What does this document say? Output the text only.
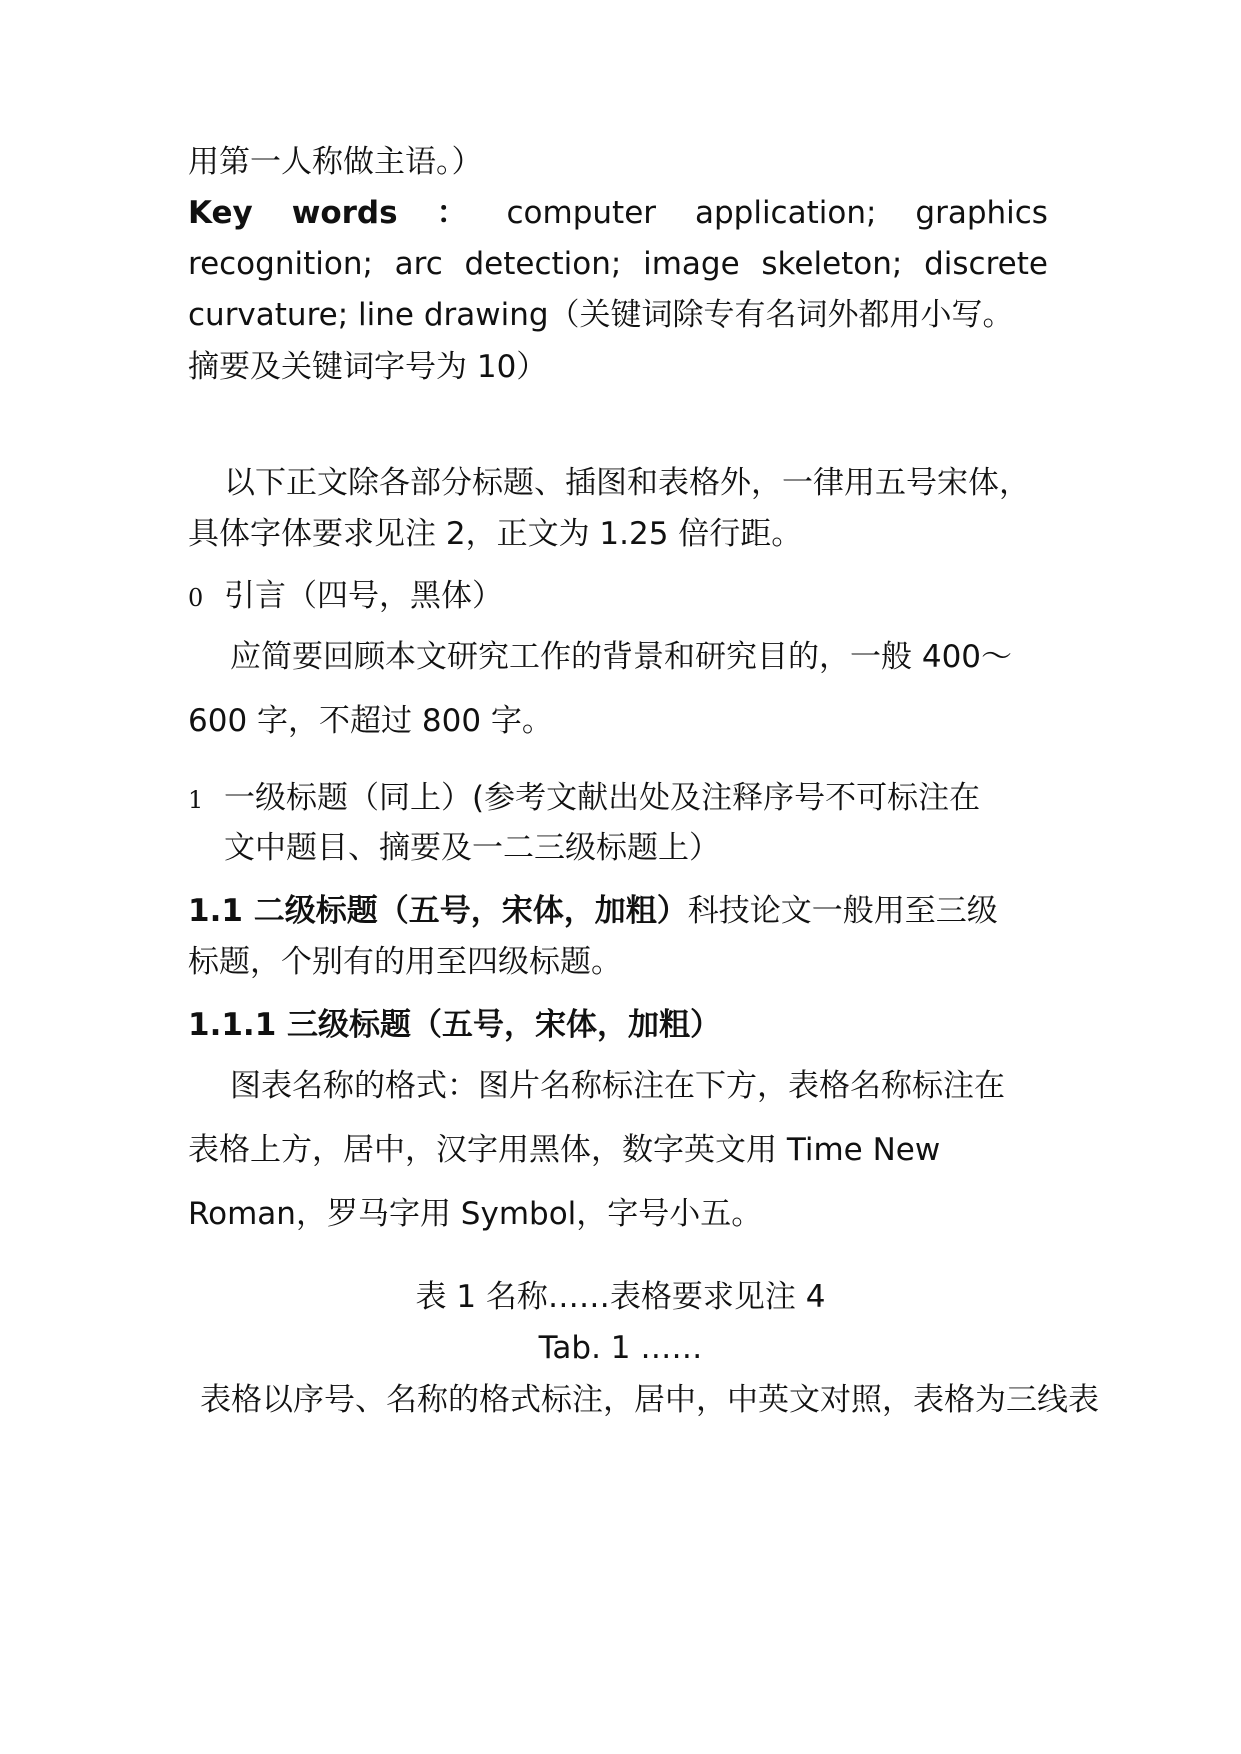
用第一人称做主语。）
Key words ： computer application; graphics
recognition; arc detection; image skeleton; discrete
curvature; line drawing（关键词除专有名词外都用小写。
摘要及关键词字号为 10）
以下正文除各部分标题、插图和表格外，一律用五号宋体，
具体字体要求见注 2，正文为 1.25 倍行距。
0 引言（四号，黑体）
应简要回顾本文研究工作的背景和研究目的，一般 400～
600 字，不超过 800 字。
1 一级标题（同上）(参考文献出处及注释序号不可标注在
文中题目、摘要及一二三级标题上）
1.1 二级标题（五号，宋体，加粗）科技论文一般用至三级
标题，个别有的用至四级标题。
1.1.1 三级标题（五号，宋体，加粗）
图表名称的格式：图片名称标注在下方，表格名称标注在
表格上方，居中，汉字用黑体，数字英文用 Time New
Roman，罗马字用 Symbol，字号小五。
表 1 名称……表格要求见注 4
Tab. 1 ……
表格以序号、名称的格式标注，居中，中英文对照，表格为三线表
